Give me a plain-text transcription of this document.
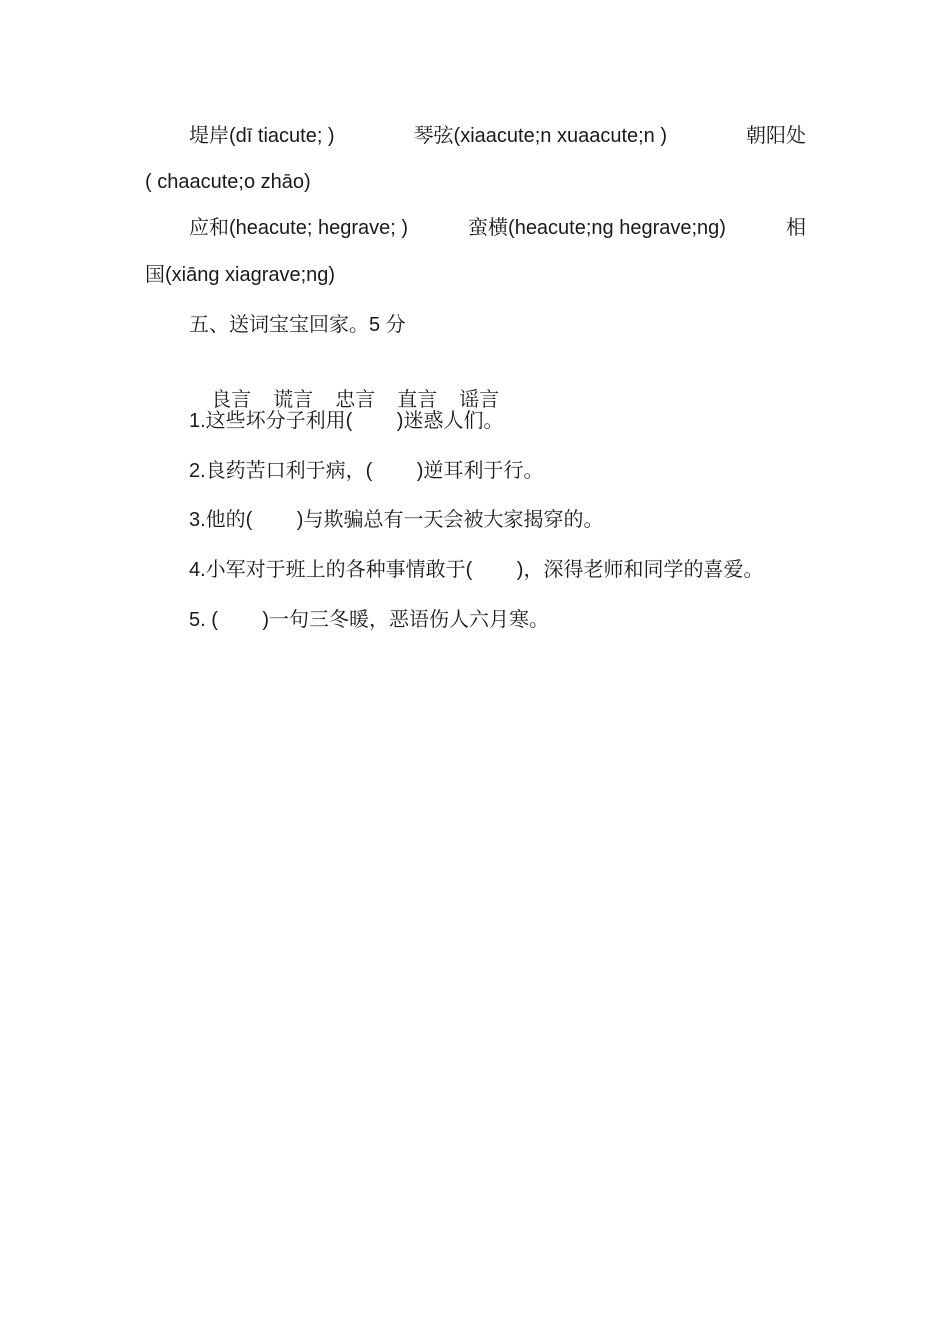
堤岸(dī tiacute; )	琴弦(xiaacute;n xuaacute;n )	朝阳处
( chaacute;o zhāo)
应和(heacute; hegrave; )	蛮横(heacute;ng hegrave;ng)	相
国(xiāng xiagrave;ng)
五、送词宝宝回家。5 分

良言 谎言 忠言 直言 谣言

1.这些坏分子利用(        )迷惑人们。
2.良药苦口利于病，(        )逆耳利于行。
3.他的(        )与欺骗总有一天会被大家揭穿的。
4.小军对于班上的各种事情敢于(        )，深得老师和同学的喜爱。
5. (        )一句三冬暖，恶语伤人六月寒。
